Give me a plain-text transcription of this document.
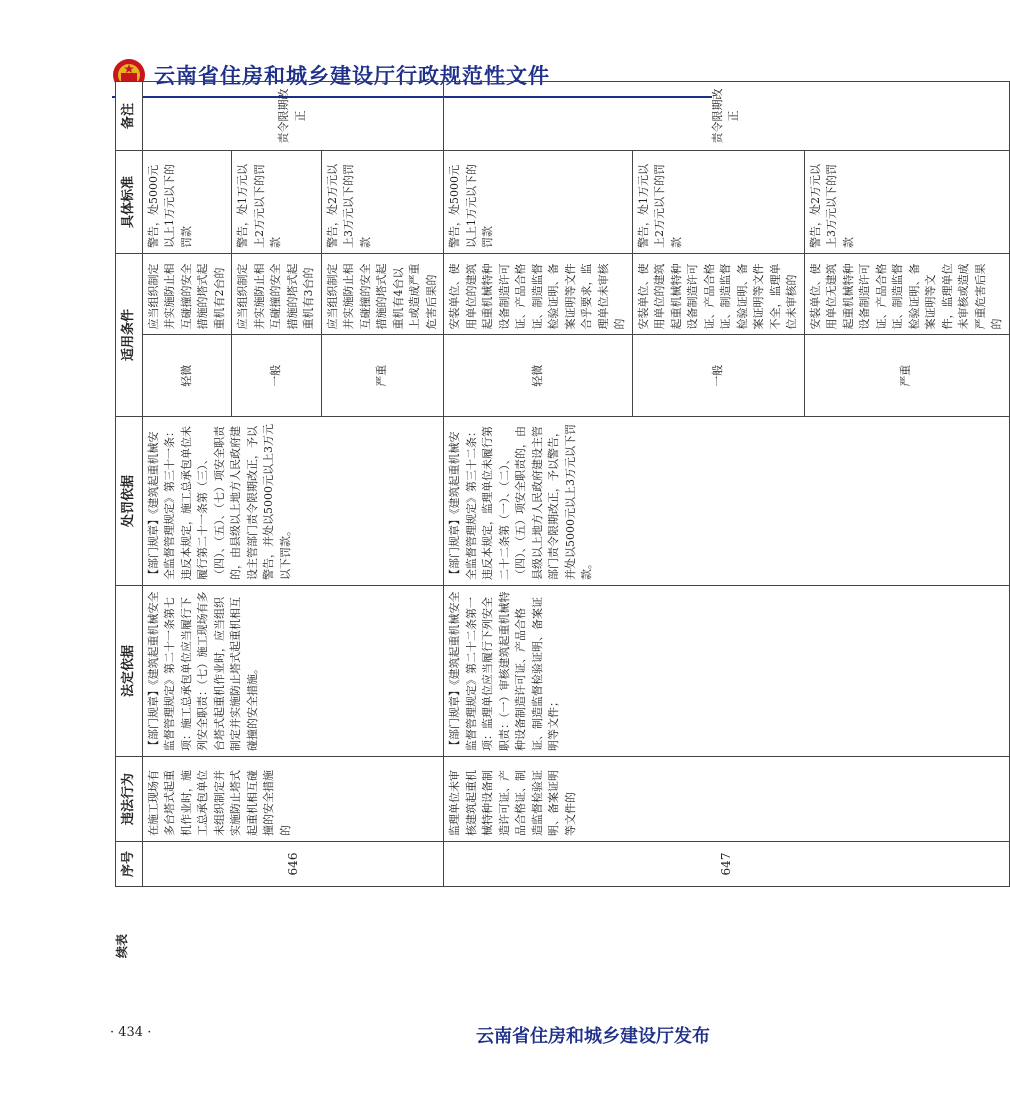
云南省住房和城乡建设厅行政规范性文件
序号	违法行为	法定依据	处罚依据	适用条件		具体标准	备注
646	在施工现场有多台塔式起重机作业时，施工总承包单位未组织制定并实施防止塔式起重机相互碰撞的安全措施的	【部门规章】《建筑起重机械安全监督管理规定》第二十一条第七项：施工总承包单位应当履行下列安全职责：（七）施工现场有多台塔式起重机作业时，应当组织制定并实施防止塔式起重机相互碰撞的安全措施。	【部门规章】《建筑起重机械安全监督管理规定》第三十一条：违反本规定，施工总承包单位未履行第二十一条第（三）、（四）、（五）、（七）项安全职责的，由县级以上地方人民政府建设主管部门责令限期改正，予以警告，并处以5000元以上3万元以下罚款。	轻微	应当组织制定并实施防止相互碰撞的安全措施的塔式起重机有2台的	警告，处5000元以上1万元以下的罚款	责令限期改正
				一般	应当组织制定并实施防止相互碰撞的安全措施的塔式起重机有3台的	警告，处1万元以上2万元以下的罚款	
				严重	应当组织制定并实施防止相互碰撞的安全措施的塔式起重机有4台以上或造成严重危害后果的	警告，处2万元以上3万元以下的罚款	
647	监理单位未审核建筑起重机械特种设备制造许可证、产品合格证、制造监督检验证明、备案证明等文件的	【部门规章】《建筑起重机械安全监督管理规定》第二十二条第一项：监理单位应当履行下列安全职责：（一）审核建筑起重机械特种设备制造许可证、产品合格证、制造监督检验证明、备案证明等文件；	【部门规章】《建筑起重机械安全监督管理规定》第三十二条：违反本规定，监理单位未履行第二十二条第（一）、（二）、（四）、（五）项安全职责的，由县级以上地方人民政府建设主管部门责令限期改正，予以警告，并处以5000元以上3万元以下罚款。	轻微	安装单位、使用单位的建筑起重机械特种设备制造许可证、产品合格证、制造监督检验证明、备案证明等文件合乎要求，监理单位未审核的	警告，处5000元以上1万元以下的罚款	责令限期改正
				一般	安装单位、使用单位的建筑起重机械特种设备制造许可证、产品合格证、制造监督检验证明、备案证明等文件不全，监理单位未审核的	警告，处1万元以上2万元以下的罚款	
				严重	安装单位、使用单位无建筑起重机械特种设备制造许可证、产品合格证、制造监督检验证明、备案证明等文件，监理单位未审核或造成严重危害后果的	警告，处2万元以上3万元以下的罚款	
续表
· 434 ·	云南省住房和城乡建设厅发布
